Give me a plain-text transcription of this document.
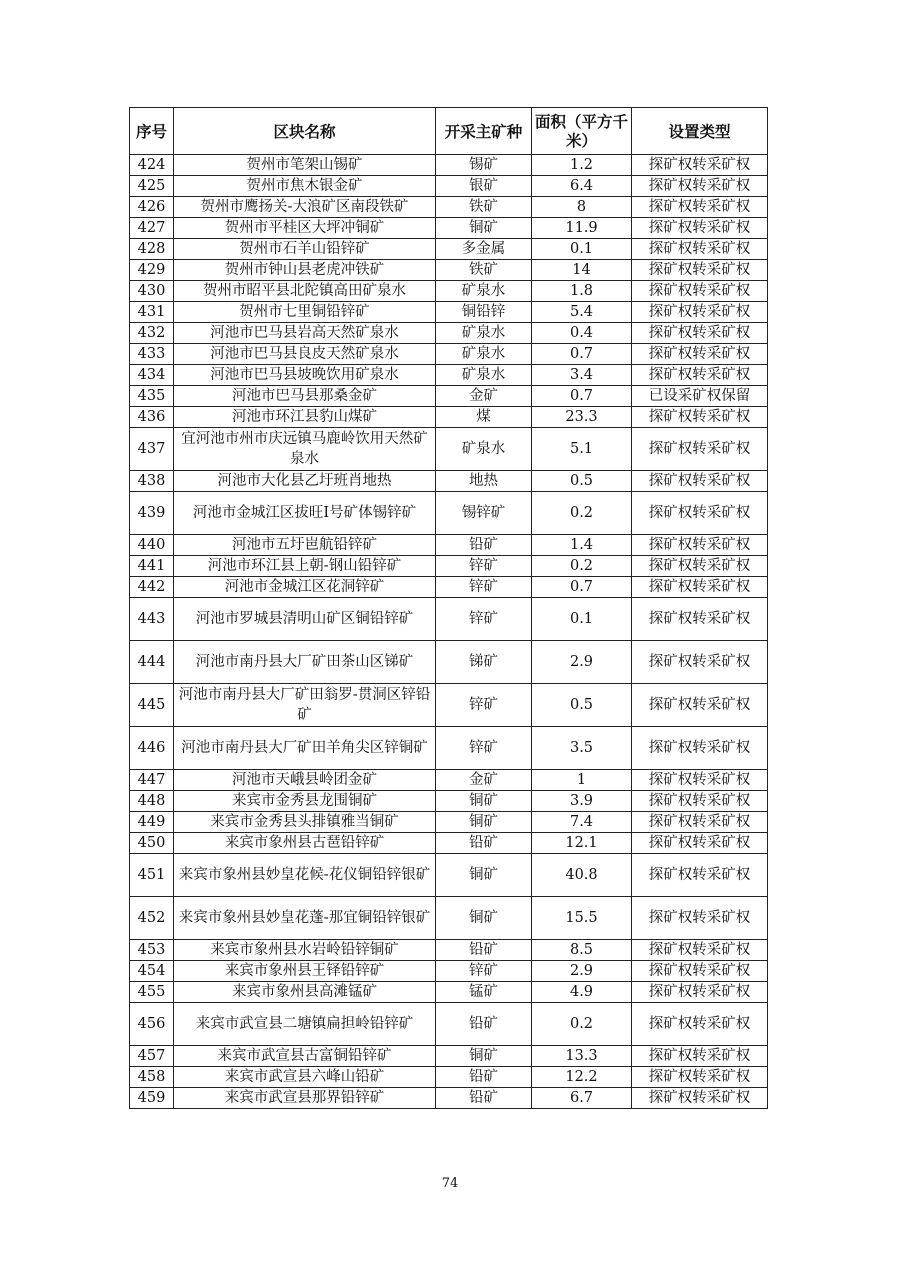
序号	区块名称	开采主矿种	面积（平方千米）	设置类型
424	贺州市笔架山锡矿	锡矿	1.2	探矿权转采矿权
425	贺州市焦木银金矿	银矿	6.4	探矿权转采矿权
426	贺州市鹰扬关-大浪矿区南段铁矿	铁矿	8	探矿权转采矿权
427	贺州市平桂区大坪冲铜矿	铜矿	11.9	探矿权转采矿权
428	贺州市石羊山铅锌矿	多金属	0.1	探矿权转采矿权
429	贺州市钟山县老虎冲铁矿	铁矿	14	探矿权转采矿权
430	贺州市昭平县北陀镇高田矿泉水	矿泉水	1.8	探矿权转采矿权
431	贺州市七里铜铅锌矿	铜铅锌	5.4	探矿权转采矿权
432	河池市巴马县岩高天然矿泉水	矿泉水	0.4	探矿权转采矿权
433	河池市巴马县良皮天然矿泉水	矿泉水	0.7	探矿权转采矿权
434	河池市巴马县坡晚饮用矿泉水	矿泉水	3.4	探矿权转采矿权
435	河池市巴马县那桑金矿	金矿	0.7	已设采矿权保留
436	河池市环江县豹山煤矿	煤	23.3	探矿权转采矿权
437	宜河池市州市庆远镇马鹿岭饮用天然矿泉水	矿泉水	5.1	探矿权转采矿权
438	河池市大化县乙圩班肖地热	地热	0.5	探矿权转采矿权
439	河池市金城江区拔旺Ⅰ号矿体锡锌矿	锡锌矿	0.2	探矿权转采矿权
440	河池市五圩岜航铅锌矿	铅矿	1.4	探矿权转采矿权
441	河池市环江县上朝-钢山铅锌矿	锌矿	0.2	探矿权转采矿权
442	河池市金城江区花洞锌矿	锌矿	0.7	探矿权转采矿权
443	河池市罗城县清明山矿区铜铅锌矿	锌矿	0.1	探矿权转采矿权
444	河池市南丹县大厂矿田茶山区锑矿	锑矿	2.9	探矿权转采矿权
445	河池市南丹县大厂矿田翁罗-贯洞区锌铅矿	锌矿	0.5	探矿权转采矿权
446	河池市南丹县大厂矿田羊角尖区锌铜矿	锌矿	3.5	探矿权转采矿权
447	河池市天峨县岭团金矿	金矿	1	探矿权转采矿权
448	来宾市金秀县龙围铜矿	铜矿	3.9	探矿权转采矿权
449	来宾市金秀县头排镇雅当铜矿	铜矿	7.4	探矿权转采矿权
450	来宾市象州县古琶铅锌矿	铅矿	12.1	探矿权转采矿权
451	来宾市象州县妙皇花候-花仪铜铅锌银矿	铜矿	40.8	探矿权转采矿权
452	来宾市象州县妙皇花蓬-那宜铜铅锌银矿	铜矿	15.5	探矿权转采矿权
453	来宾市象州县水岩岭铅锌铜矿	铅矿	8.5	探矿权转采矿权
454	来宾市象州县王铎铅锌矿	锌矿	2.9	探矿权转采矿权
455	来宾市象州县高滩锰矿	锰矿	4.9	探矿权转采矿权
456	来宾市武宣县二塘镇扁担岭铅锌矿	铅矿	0.2	探矿权转采矿权
457	来宾市武宣县古富铜铅锌矿	铜矿	13.3	探矿权转采矿权
458	来宾市武宣县六峰山铅矿	铅矿	12.2	探矿权转采矿权
459	来宾市武宣县那界铅锌矿	铅矿	6.7	探矿权转采矿权
74
